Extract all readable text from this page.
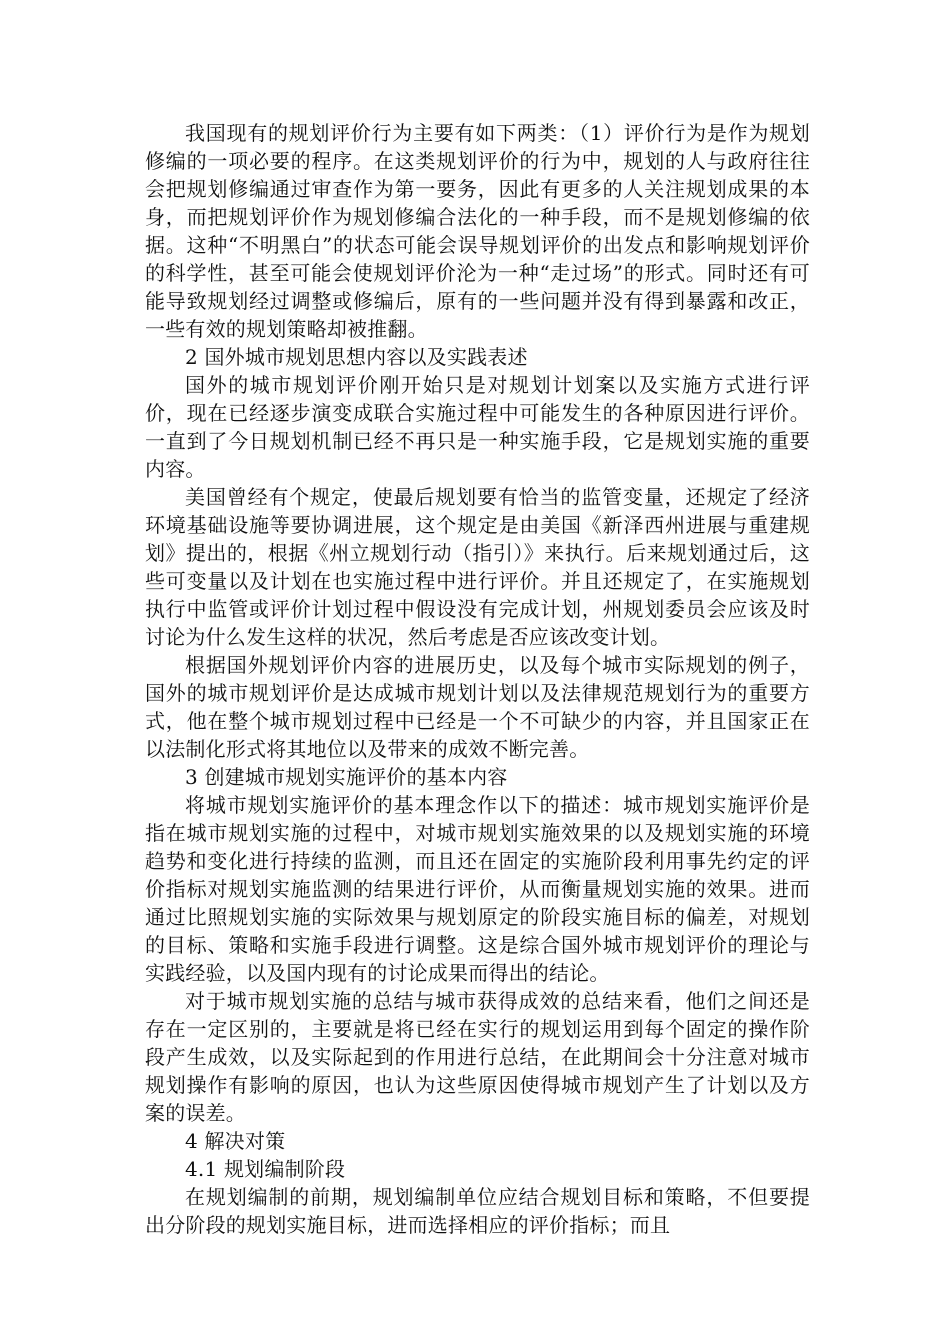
我国现有的规划评价行为主要有如下两类：（1）评价行为是作为规划修编的一项必要的程序。在这类规划评价的行为中，规划的人与政府往往会把规划修编通过审查作为第一要务，因此有更多的人关注规划成果的本身，而把规划评价作为规划修编合法化的一种手段，而不是规划修编的依据。这种“不明黑白”的状态可能会误导规划评价的出发点和影响规划评价的科学性，甚至可能会使规划评价沦为一种“走过场”的形式。同时还有可能导致规划经过调整或修编后，原有的一些问题并没有得到暴露和改正，一些有效的规划策略却被推翻。

2 国外城市规划思想内容以及实践表述

国外的城市规划评价刚开始只是对规划计划案以及实施方式进行评价，现在已经逐步演变成联合实施过程中可能发生的各种原因进行评价。一直到了今日规划机制已经不再只是一种实施手段，它是规划实施的重要内容。

美国曾经有个规定，使最后规划要有恰当的监管变量，还规定了经济环境基础设施等要协调进展，这个规定是由美国《新泽西州进展与重建规划》提出的，根据《州立规划行动（指引）》来执行。后来规划通过后，这些可变量以及计划在也实施过程中进行评价。并且还规定了，在实施规划执行中监管或评价计划过程中假设没有完成计划，州规划委员会应该及时讨论为什么发生这样的状况，然后考虑是否应该改变计划。

根据国外规划评价内容的进展历史，以及每个城市实际规划的例子，国外的城市规划评价是达成城市规划计划以及法律规范规划行为的重要方式，他在整个城市规划过程中已经是一个不可缺少的内容，并且国家正在以法制化形式将其地位以及带来的成效不断完善。

3 创建城市规划实施评价的基本内容

将城市规划实施评价的基本理念作以下的描述：城市规划实施评价是指在城市规划实施的过程中，对城市规划实施效果的以及规划实施的环境趋势和变化进行持续的监测，而且还在固定的实施阶段利用事先约定的评价指标对规划实施监测的结果进行评价，从而衡量规划实施的效果。进而通过比照规划实施的实际效果与规划原定的阶段实施目标的偏差，对规划的目标、策略和实施手段进行调整。这是综合国外城市规划评价的理论与实践经验，以及国内现有的讨论成果而得出的结论。

对于城市规划实施的总结与城市获得成效的总结来看，他们之间还是存在一定区别的，主要就是将已经在实行的规划运用到每个固定的操作阶段产生成效，以及实际起到的作用进行总结，在此期间会十分注意对城市规划操作有影响的原因，也认为这些原因使得城市规划产生了计划以及方案的误差。

4 解决对策

4.1 规划编制阶段

在规划编制的前期，规划编制单位应结合规划目标和策略，不但要提出分阶段的规划实施目标，进而选择相应的评价指标；而且
